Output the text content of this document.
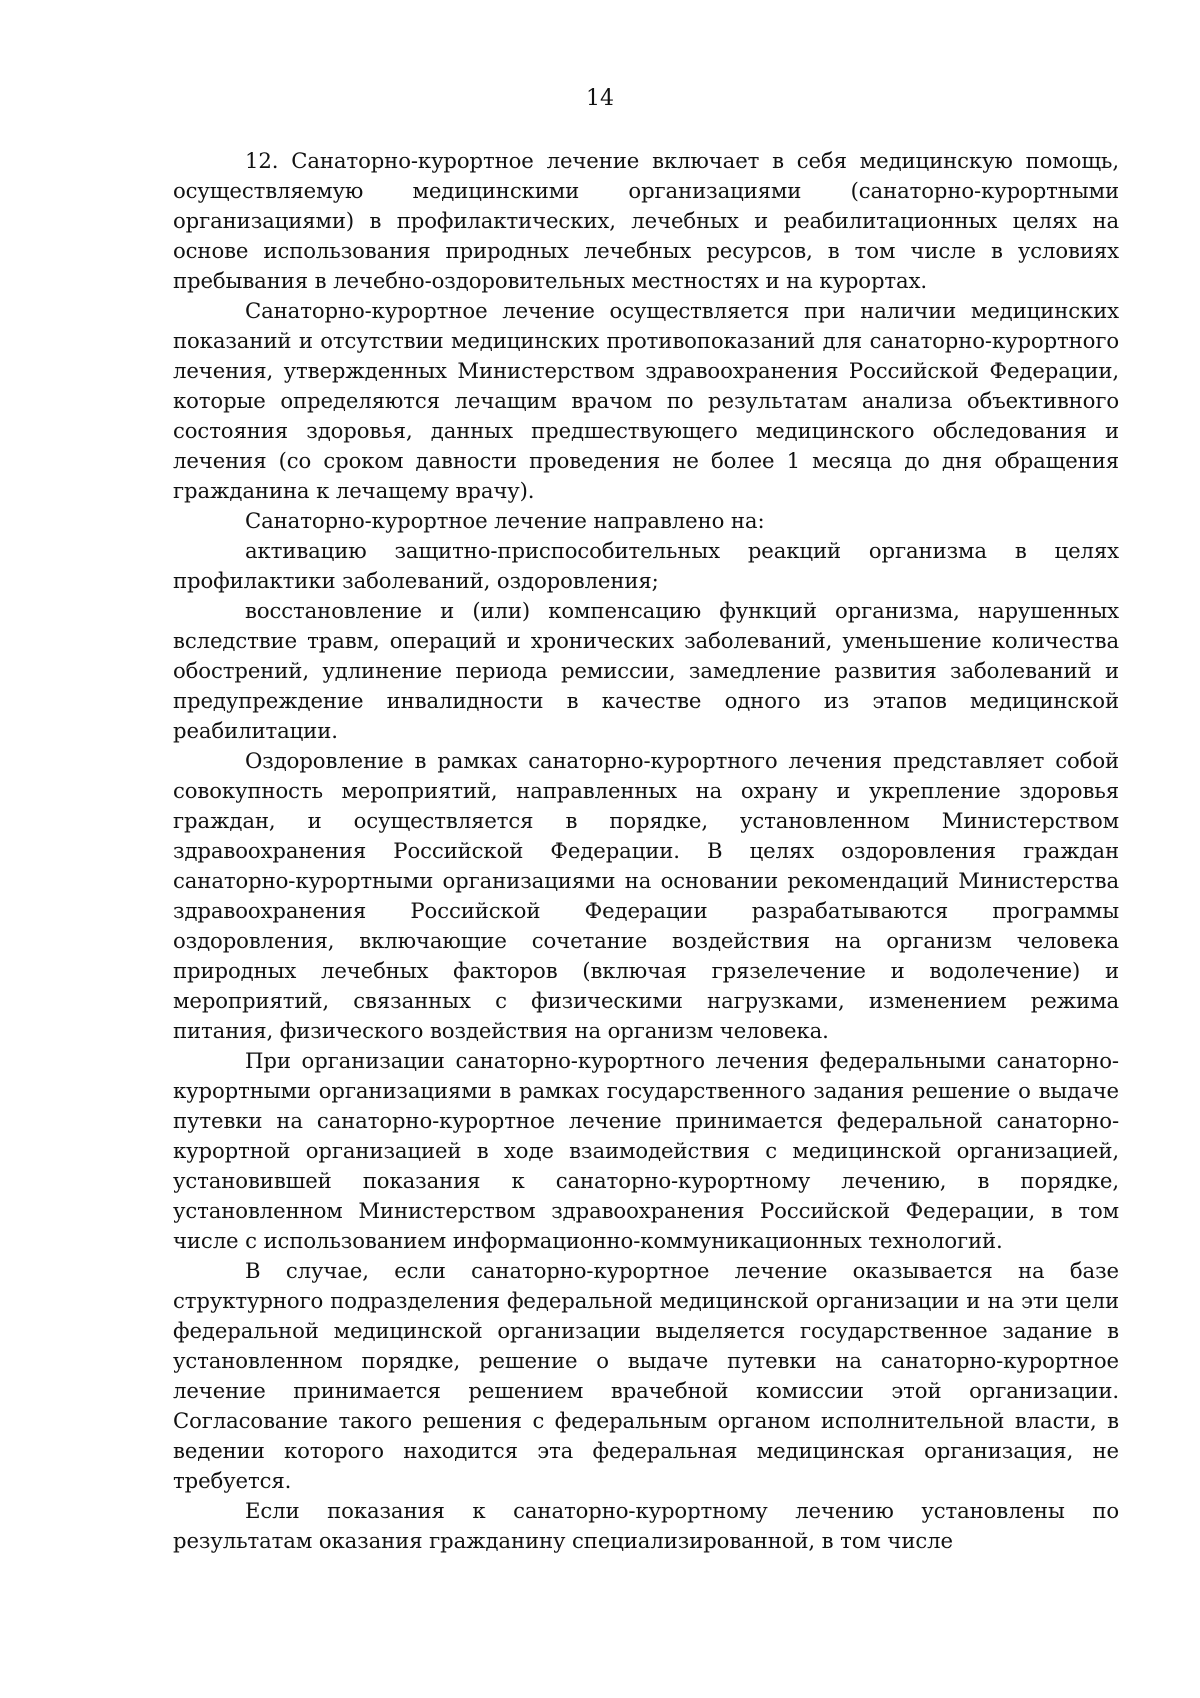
14

12. Санаторно-курортное лечение включает в себя медицинскую помощь, осуществляемую медицинскими организациями (санаторно-курортными организациями) в профилактических, лечебных и реабилитационных целях на основе использования природных лечебных ресурсов, в том числе в условиях пребывания в лечебно-оздоровительных местностях и на курортах.

Санаторно-курортное лечение осуществляется при наличии медицинских показаний и отсутствии медицинских противопоказаний для санаторно-курортного лечения, утвержденных Министерством здравоохранения Российской Федерации, которые определяются лечащим врачом по результатам анализа объективного состояния здоровья, данных предшествующего медицинского обследования и лечения (со сроком давности проведения не более 1 месяца до дня обращения гражданина к лечащему врачу).

Санаторно-курортное лечение направлено на:

активацию защитно-приспособительных реакций организма в целях профилактики заболеваний, оздоровления;

восстановление и (или) компенсацию функций организма, нарушенных вследствие травм, операций и хронических заболеваний, уменьшение количества обострений, удлинение периода ремиссии, замедление развития заболеваний и предупреждение инвалидности в качестве одного из этапов медицинской реабилитации.

Оздоровление в рамках санаторно-курортного лечения представляет собой совокупность мероприятий, направленных на охрану и укрепление здоровья граждан, и осуществляется в порядке, установленном Министерством здравоохранения Российской Федерации. В целях оздоровления граждан санаторно-курортными организациями на основании рекомендаций Министерства здравоохранения Российской Федерации разрабатываются программы оздоровления, включающие сочетание воздействия на организм человека природных лечебных факторов (включая грязелечение и водолечение) и мероприятий, связанных с физическими нагрузками, изменением режима питания, физического воздействия на организм человека.

При организации санаторно-курортного лечения федеральными санаторно-курортными организациями в рамках государственного задания решение о выдаче путевки на санаторно-курортное лечение принимается федеральной санаторно-курортной организацией в ходе взаимодействия с медицинской организацией, установившей показания к санаторно-курортному лечению, в порядке, установленном Министерством здравоохранения Российской Федерации, в том числе с использованием информационно-коммуникационных технологий.

В случае, если санаторно-курортное лечение оказывается на базе структурного подразделения федеральной медицинской организации и на эти цели федеральной медицинской организации выделяется государственное задание в установленном порядке, решение о выдаче путевки на санаторно-курортное лечение принимается решением врачебной комиссии этой организации. Согласование такого решения с федеральным органом исполнительной власти, в ведении которого находится эта федеральная медицинская организация, не требуется.

Если показания к санаторно-курортному лечению установлены по результатам оказания гражданину специализированной, в том числе
